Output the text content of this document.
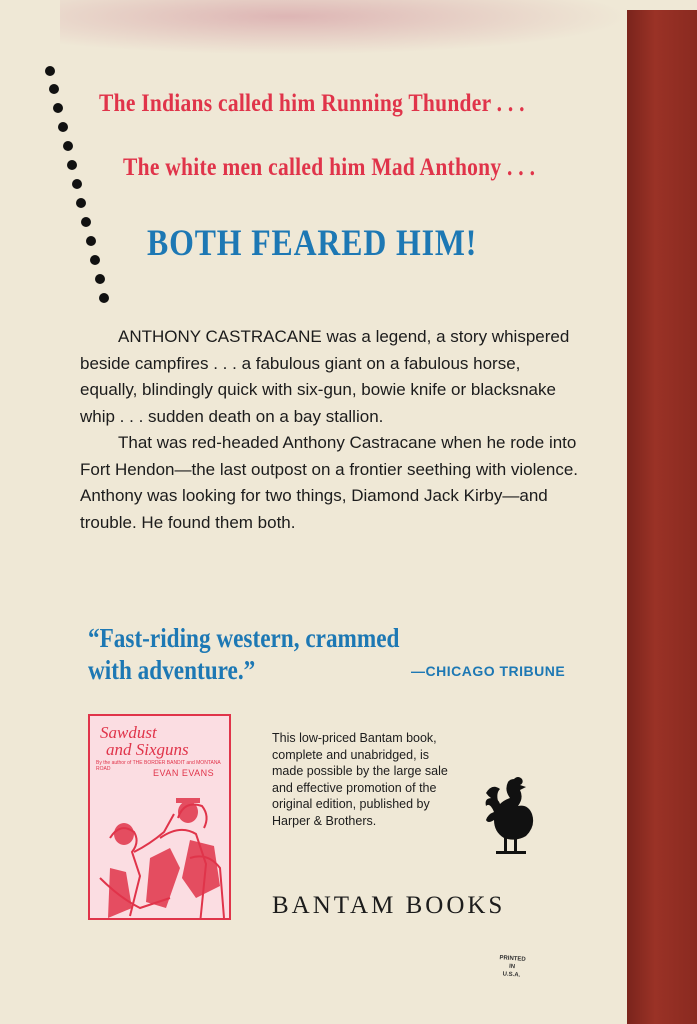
The Indians called him Running Thunder . . .
The white men called him Mad Anthony . . .
BOTH FEARED HIM!

ANTHONY CASTRACANE was a legend, a story whispered beside campfires . . . a fabulous giant on a fabulous horse, equally, blindingly quick with six-gun, bowie knife or blacksnake whip . . . sudden death on a bay stallion.

That was red-headed Anthony Castracane when he rode into Fort Hendon—the last outpost on a frontier seething with violence. Anthony was looking for two things, Diamond Jack Kirby—and trouble. He found them both.

“Fast-riding western, crammed with adventure.”	—CHICAGO TRIBUNE
Sawdust
and Sixguns
By the author of THE BORDER BANDIT and MONTANA ROAD	EVAN EVANS
This low-priced Bantam book, complete and unabridged, is made possible by the large sale and effective promotion of the original edition, published by Harper & Brothers.
BANTAM BOOKS
PRINTED
IN
U.S.A.
